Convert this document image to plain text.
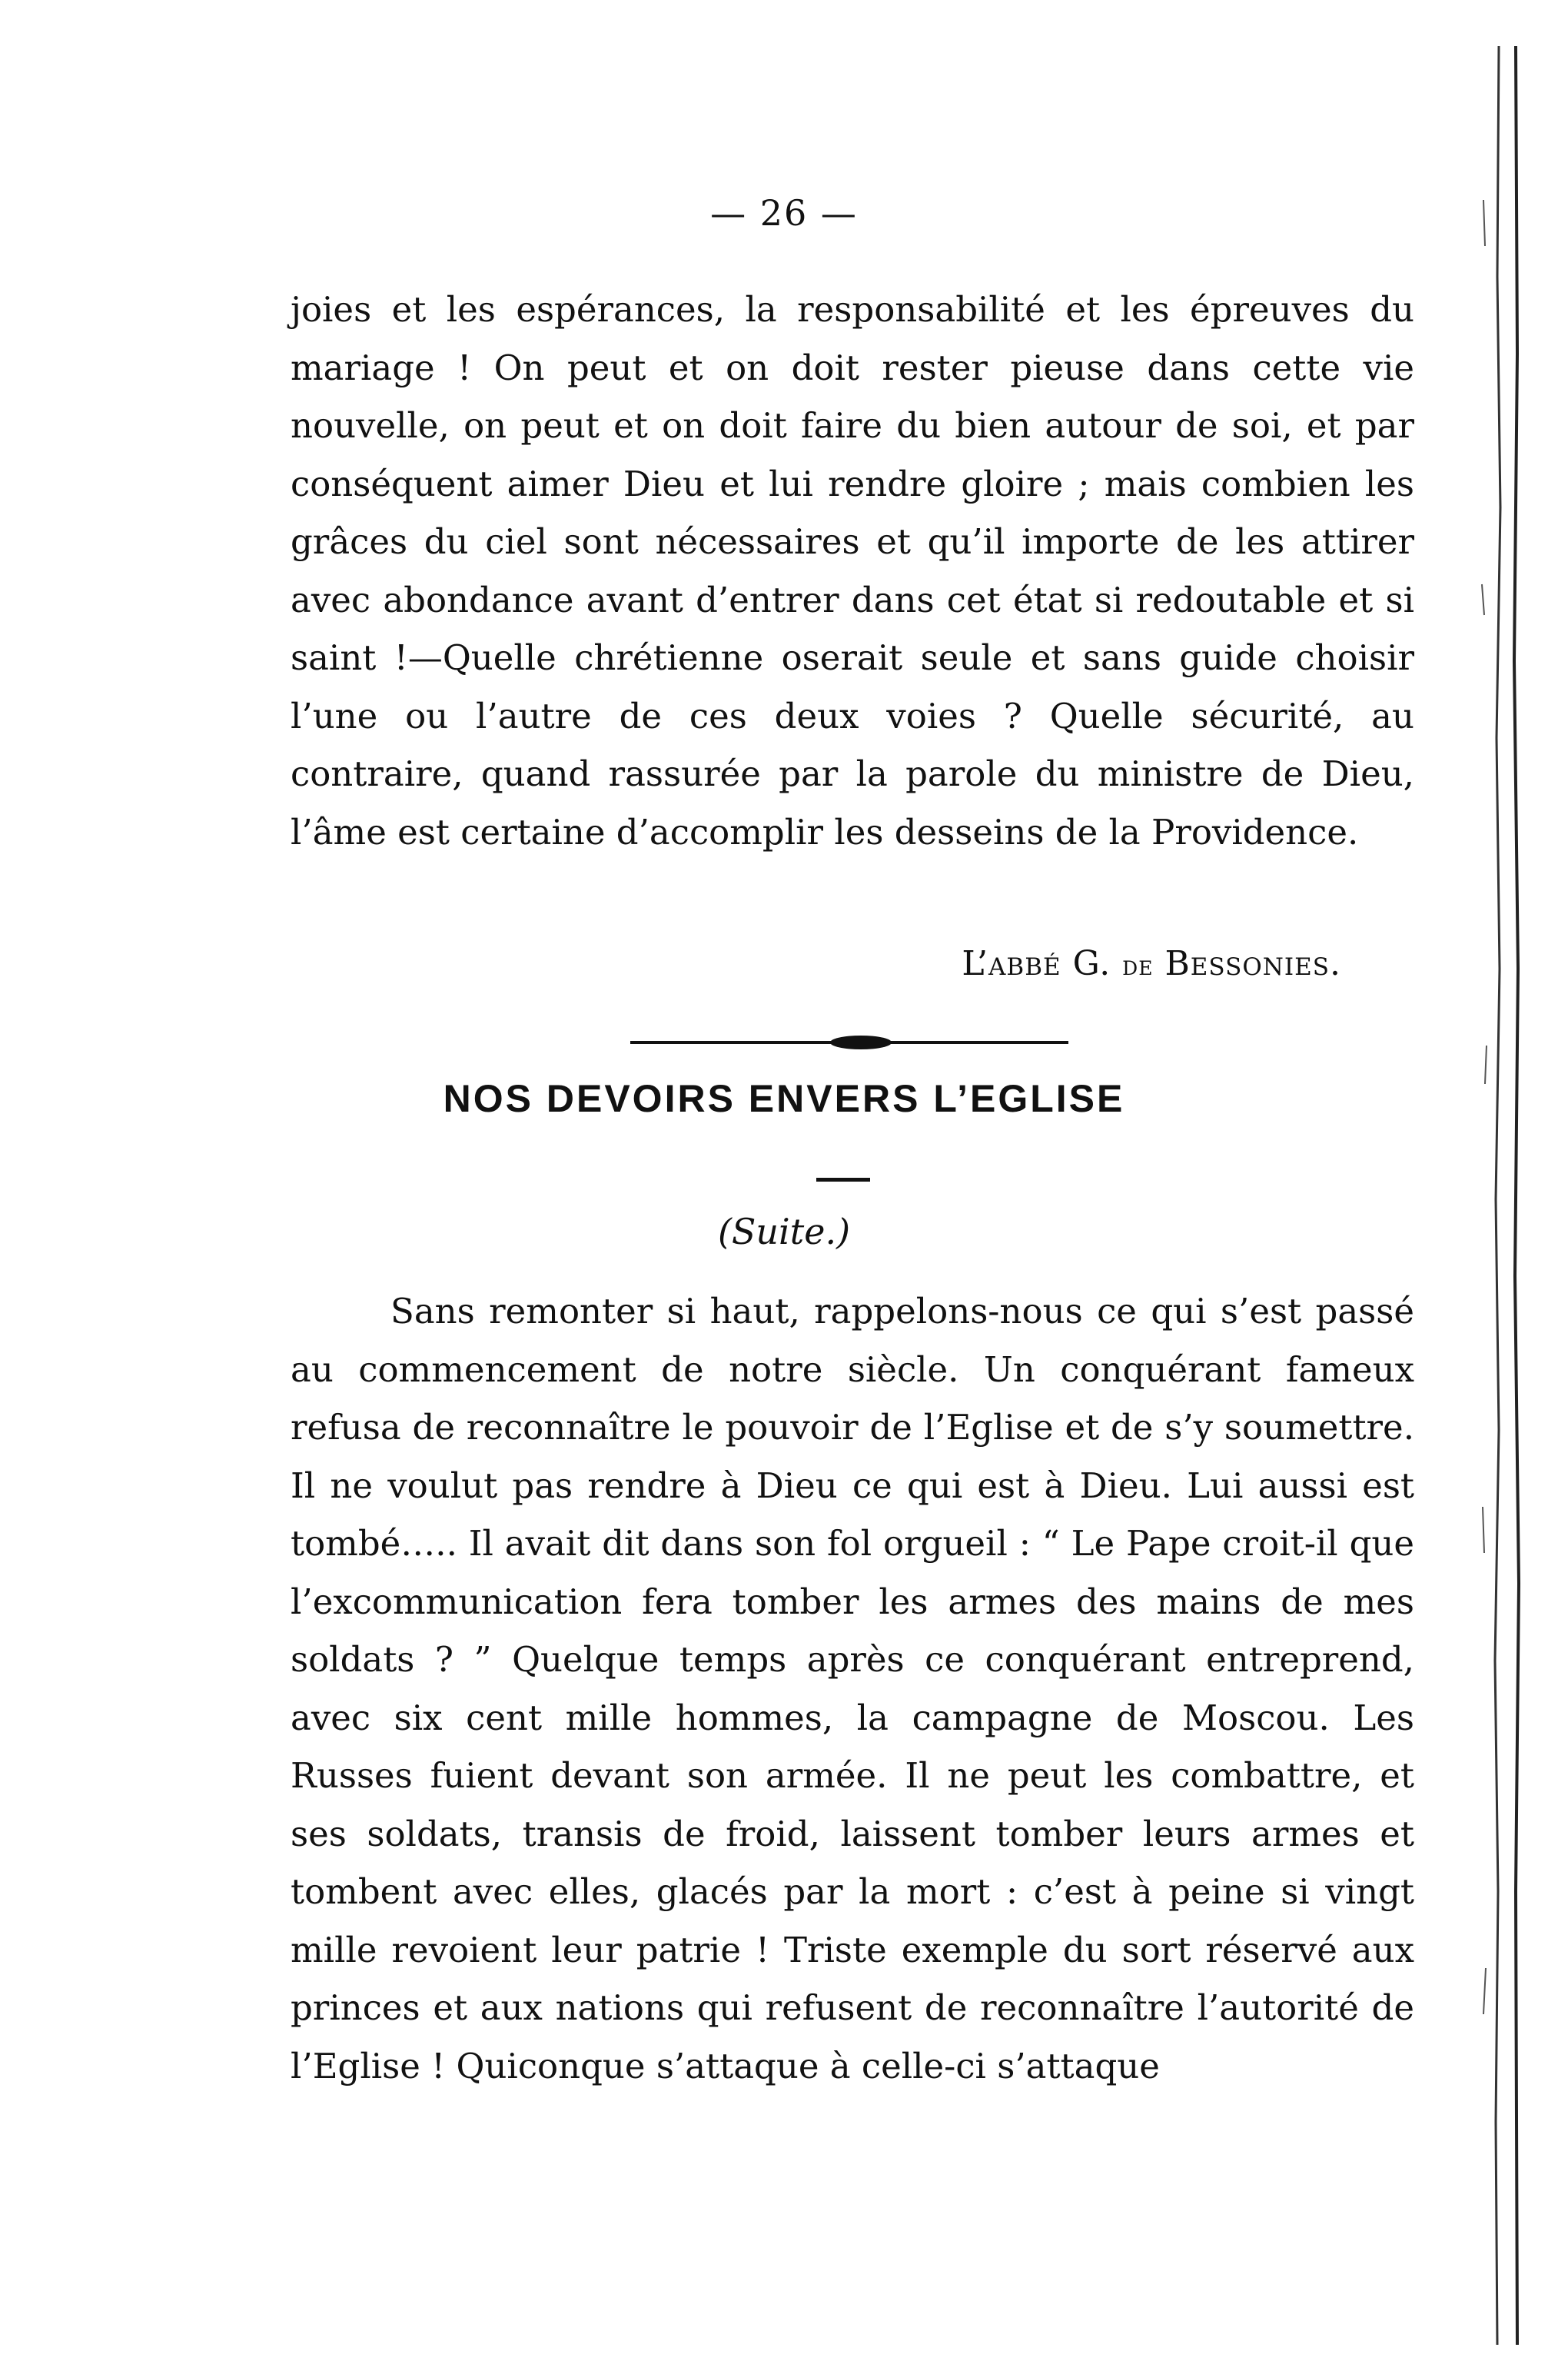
— 26 —

joies et les espérances, la responsabilité et les épreuves du mariage ! On peut et on doit rester pieuse dans cette vie nouvelle, on peut et on doit faire du bien autour de soi, et par conséquent aimer Dieu et lui rendre gloire ; mais combien les grâces du ciel sont nécessaires et qu’il importe de les attirer avec abondance avant d’entrer dans cet état si redoutable et si saint !—Quelle chrétienne oserait seule et sans guide choisir l’une ou l’autre de ces deux voies ? Quelle sécurité, au contraire, quand rassurée par la parole du ministre de Dieu, l’âme est certaine d’accomplir les desseins de la Providence.

L’abbé G. de Bessonies.
NOS DEVOIRS ENVERS L’EGLISE
(Suite.)

Sans remonter si haut, rappelons-nous ce qui s’est passé au commencement de notre siècle. Un conquérant fameux refusa de reconnaître le pouvoir de l’Eglise et de s’y soumettre. Il ne voulut pas rendre à Dieu ce qui est à Dieu. Lui aussi est tombé….. Il avait dit dans son fol orgueil : “ Le Pape croit-il que l’excommunication fera tomber les armes des mains de mes soldats ? ” Quelque temps après ce conquérant entreprend, avec six cent mille hommes, la campagne de Moscou. Les Russes fuient devant son armée. Il ne peut les combattre, et ses soldats, transis de froid, laissent tomber leurs armes et tombent avec elles, glacés par la mort : c’est à peine si vingt mille revoient leur patrie ! Triste exemple du sort réservé aux princes et aux nations qui refusent de reconnaître l’autorité de l’Eglise ! Quiconque s’attaque à celle-ci s’attaque
